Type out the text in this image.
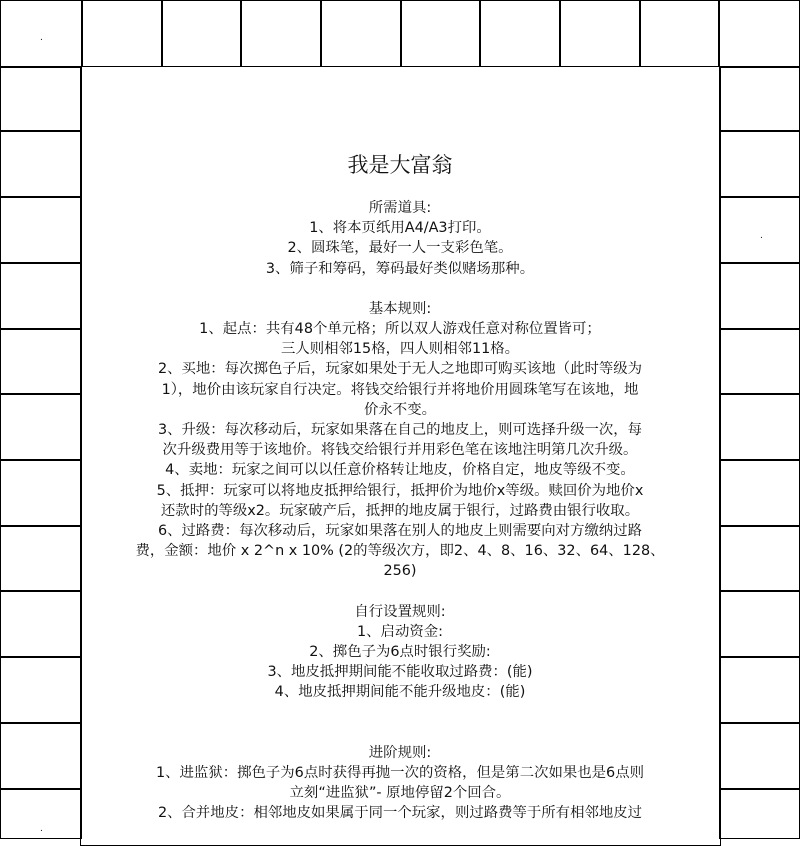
.
.
.
我是大富翁
所需道具:
1、将本页纸用A4/A3打印。
2、圆珠笔，最好一人一支彩色笔。
3、筛子和筹码，筹码最好类似赌场那种。
基本规则:
1、起点：共有48个单元格；所以双人游戏任意对称位置皆可；
三人则相邻15格，四人则相邻11格。
2、买地：每次掷色子后，玩家如果处于无人之地即可购买该地（此时等级为
1），地价由该玩家自行决定。将钱交给银行并将地价用圆珠笔写在该地，地
价永不变。
3、升级：每次移动后，玩家如果落在自己的地皮上，则可选择升级一次，每
次升级费用等于该地价。将钱交给银行并用彩色笔在该地注明第几次升级。
4、卖地：玩家之间可以以任意价格转让地皮，价格自定，地皮等级不变。
5、抵押：玩家可以将地皮抵押给银行，抵押价为地价x等级。赎回价为地价x
还款时的等级x2。玩家破产后，抵押的地皮属于银行，过路费由银行收取。
6、过路费：每次移动后，玩家如果落在别人的地皮上则需要向对方缴纳过路
费，金额：地价 x 2^n x 10% (2的等级次方，即2、4、8、16、32、64、128、
256)
自行设置规则:
1、启动资金:
2、掷色子为6点时银行奖励:
3、地皮抵押期间能不能收取过路费：(能)
4、地皮抵押期间能不能升级地皮：(能)
进阶规则:
1、进监狱：掷色子为6点时获得再抛一次的资格，但是第二次如果也是6点则
立刻“进监狱”- 原地停留2个回合。
2、合并地皮：相邻地皮如果属于同一个玩家，则过路费等于所有相邻地皮过
